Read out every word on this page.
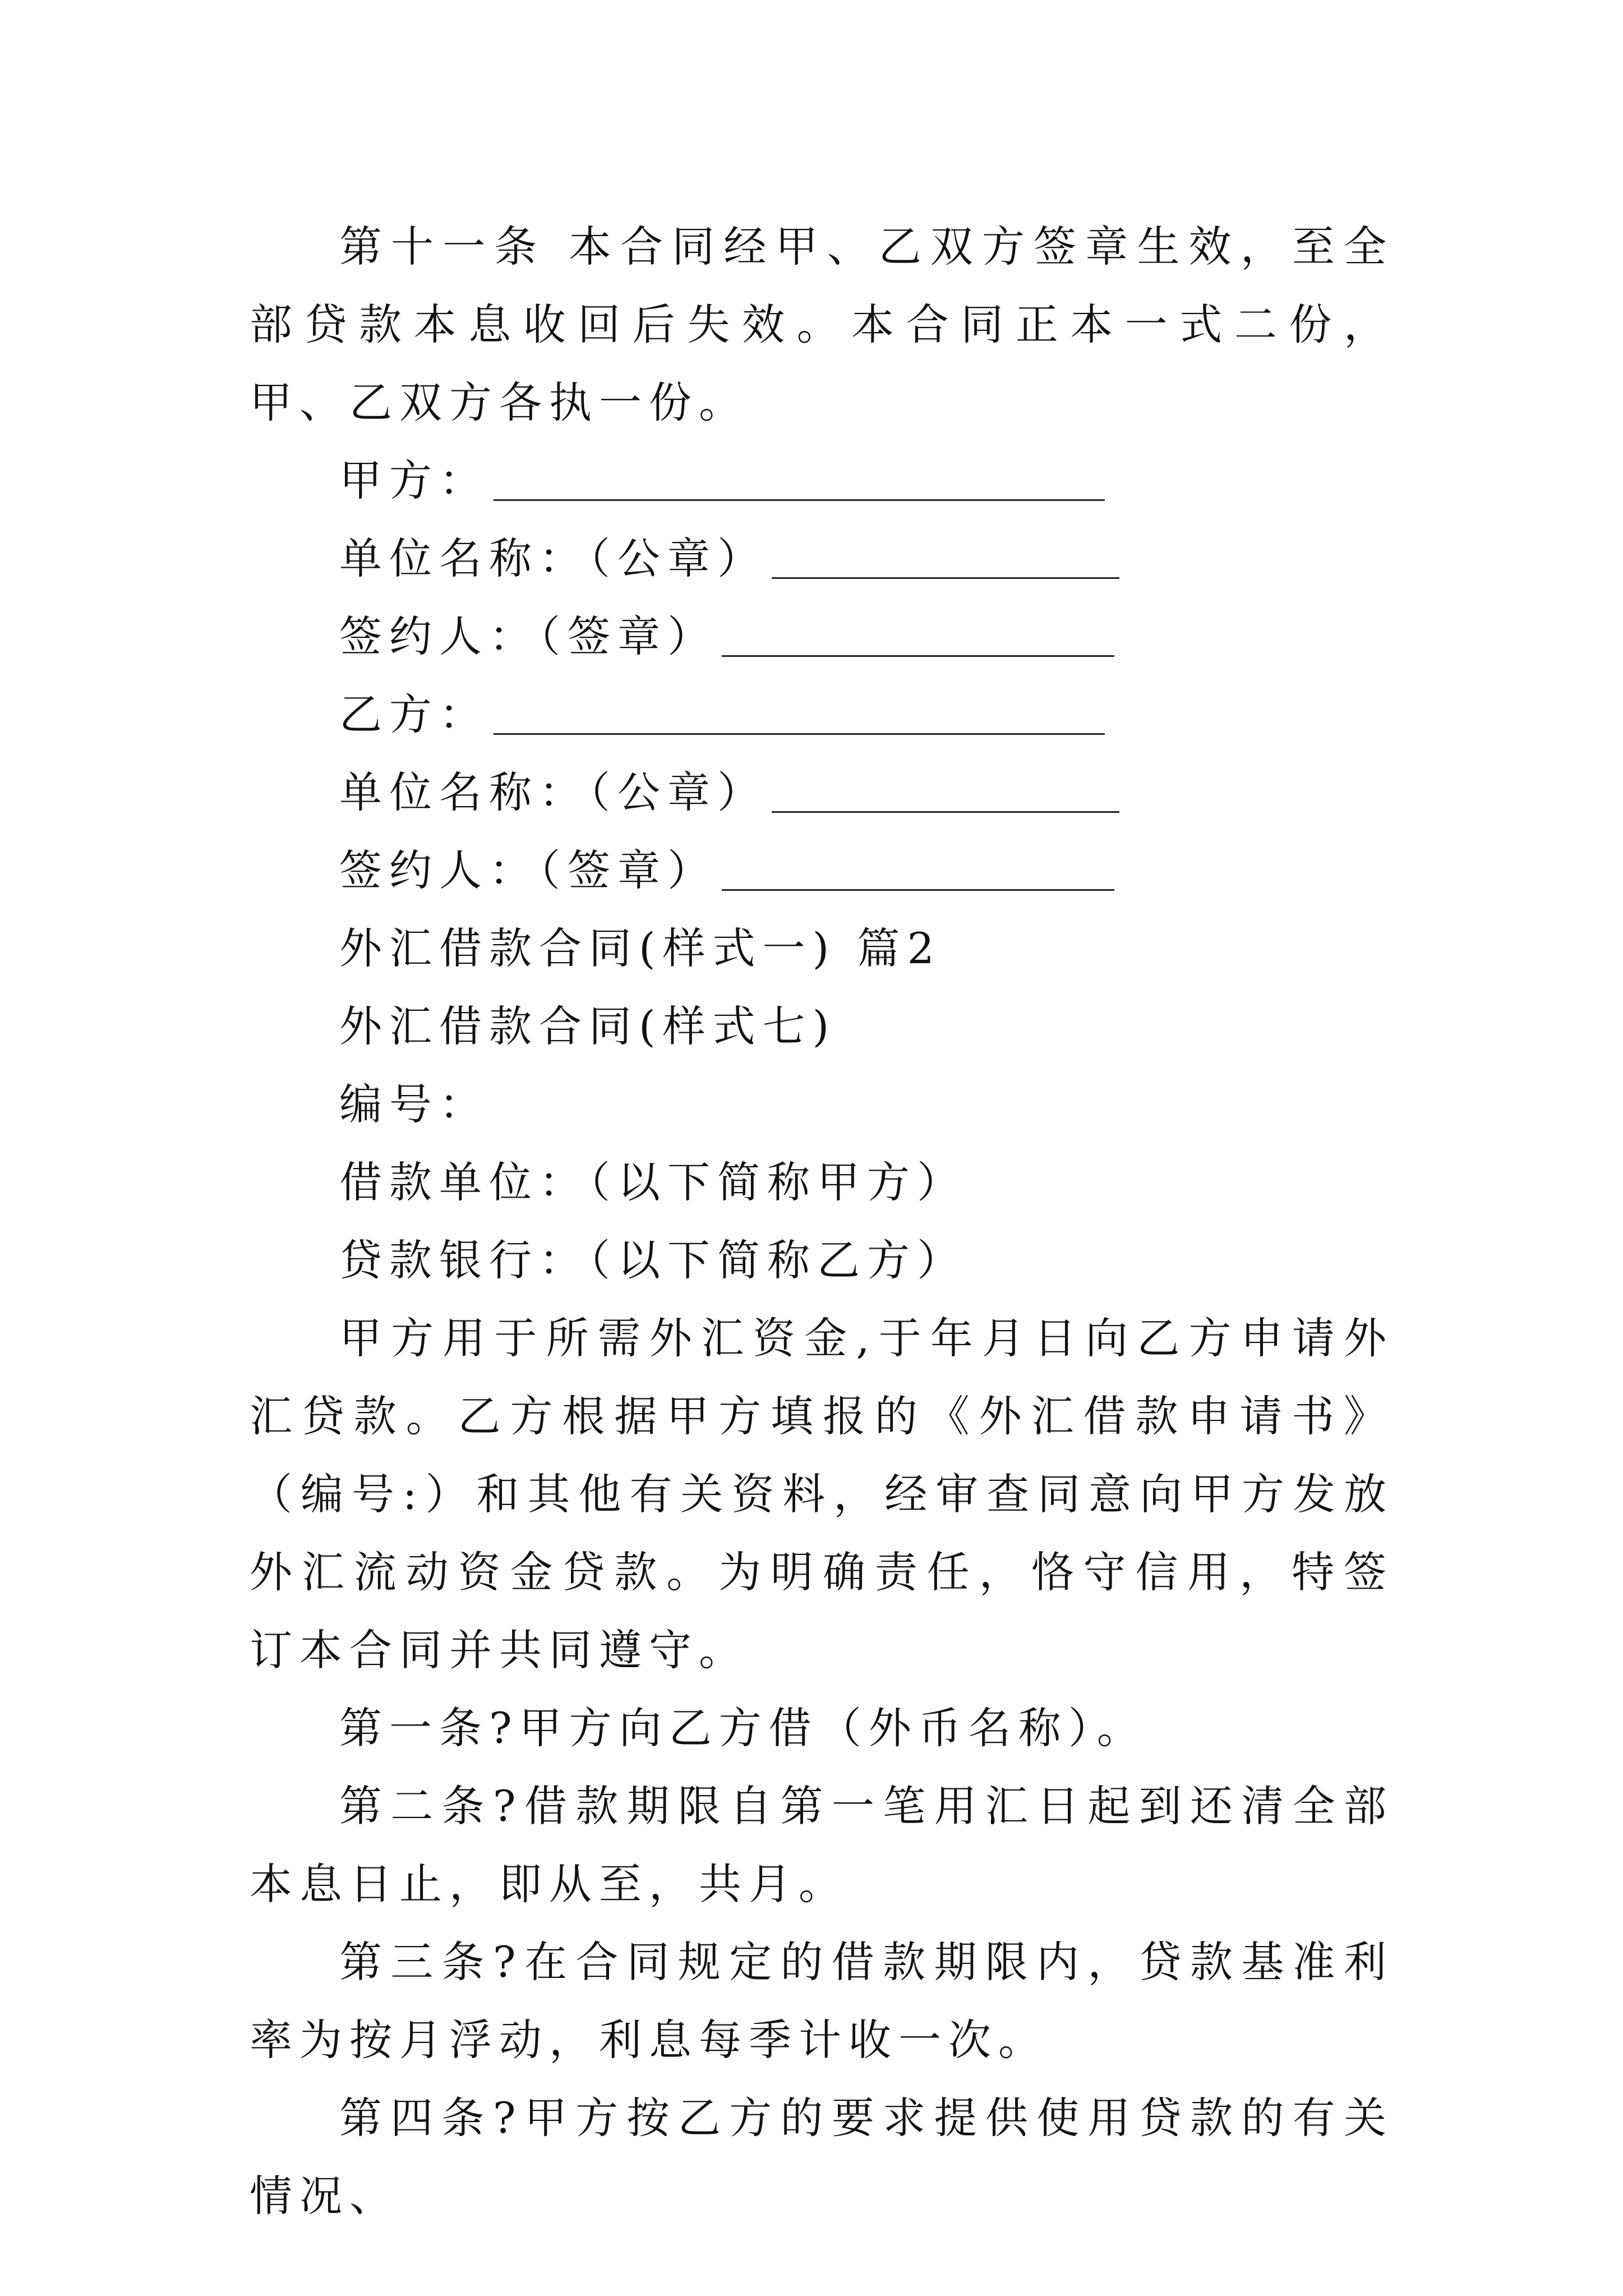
第十一条 本合同经甲、乙双方签章生效，至全部贷款本息收回后失效。本合同正本一式二份，甲、乙双方各执一份。

甲方：
单位名称：（公章）
签约人：（签章）
乙方：
单位名称：（公章）
签约人：（签章）

外汇借款合同(样式一) 篇2

外汇借款合同(样式七)

编号：

借款单位：（以下简称甲方）

贷款银行：（以下简称乙方）

甲方用于所需外汇资金,于年月日向乙方申请外汇贷款。乙方根据甲方填报的《外汇借款申请书》（编号:）和其他有关资料，经审查同意向甲方发放外汇流动资金贷款。为明确责任，恪守信用，特签订本合同并共同遵守。

第一条?甲方向乙方借（外币名称）。

第二条?借款期限自第一笔用汇日起到还清全部本息日止，即从至，共月。

第三条?在合同规定的借款期限内，贷款基准利率为按月浮动，利息每季计收一次。

第四条?甲方按乙方的要求提供使用贷款的有关情况、
